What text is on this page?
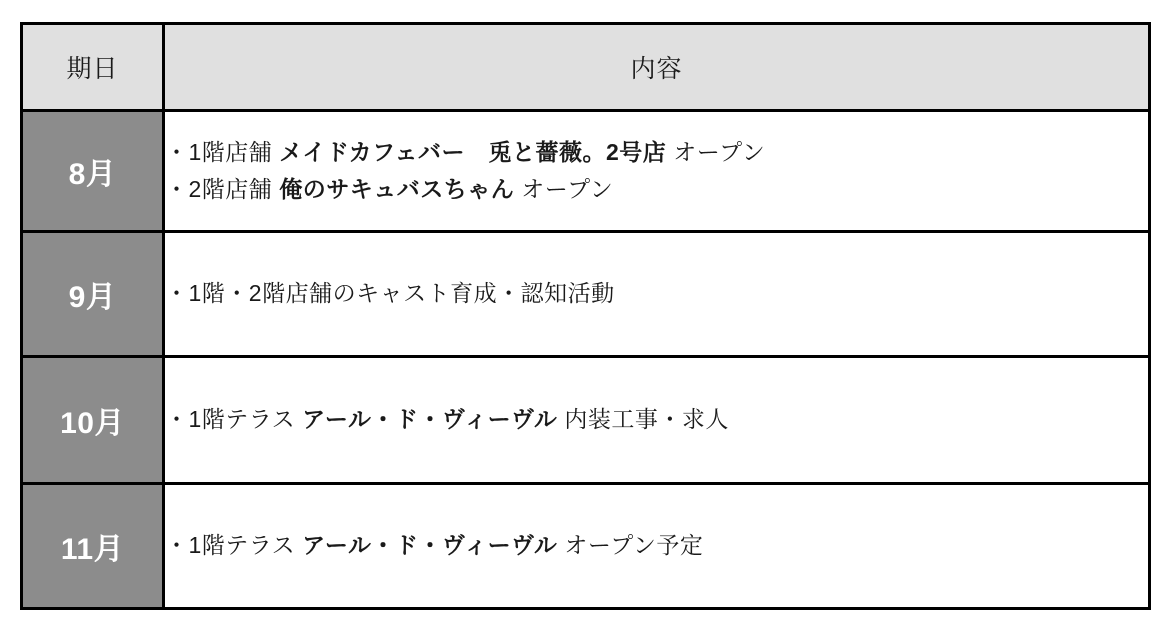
期日	内容
8月	・1階店舗 メイドカフェバー　兎と薔薇。2号店 オープン
・2階店舗 俺のサキュバスちゃん オープン

9月	・1階・2階店舗のキャスト育成・認知活動

10月	・1階テラス アール・ド・ヴィーヴル 内装工事・求人

11月	・1階テラス アール・ド・ヴィーヴル オープン予定
